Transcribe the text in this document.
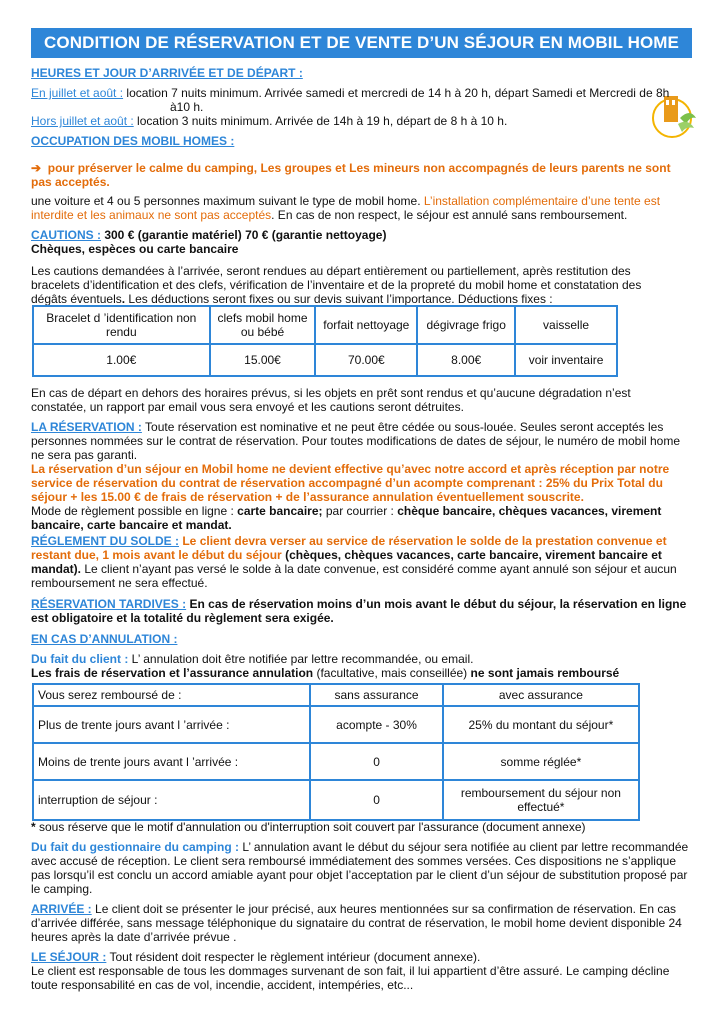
CONDITION DE RÉSERVATION ET DE VENTE D’UN SÉJOUR EN MOBIL HOME

HEURES ET JOUR D’ARRIVÉE ET DE DÉPART :

En juillet et août : location 7 nuits minimum. Arrivée samedi et mercredi de 14 h à 20 h, départ Samedi et Mercredi de 8h

à10 h.

Hors juillet et août : location 3 nuits minimum. Arrivée de 14h à 19 h, départ de 8 h à 10 h.

OCCUPATION DES MOBIL HOMES :

➔ pour préserver le calme du camping, Les groupes et Les mineurs non accompagnés de leurs parents ne sont pas acceptés.

une voiture et 4 ou 5 personnes maximum suivant le type de mobil home. L’installation complémentaire d’une tente est interdite et les animaux ne sont pas acceptés. En cas de non respect, le séjour est annulé sans remboursement.

CAUTIONS : 300 € (garantie matériel) 70 € (garantie nettoyage)

Chèques, espèces ou carte bancaire

Les cautions demandées à l’arrivée, seront rendues au départ entièrement ou partiellement, après restitution des bracelets d’identification et des clefs, vérification de l’inventaire et de la propreté du mobil home et constatation des dégâts éventuels. Les déductions seront fixes ou sur devis suivant l’importance. Déductions fixes :

Bracelet d ’identification non rendu	clefs mobil home ou bébé	forfait nettoyage	dégivrage frigo	vaisselle
1.00€	15.00€	70.00€	8.00€	voir inventaire

En cas de départ en dehors des horaires prévus, si les objets en prêt sont rendus et qu’aucune dégradation n’est constatée, un rapport par email vous sera envoyé et les cautions seront détruites.

LA RÉSERVATION : Toute réservation est nominative et ne peut être cédée ou sous-louée. Seules seront acceptés les personnes nommées sur le contrat de réservation. Pour toutes modifications de dates de séjour, le numéro de mobil home ne sera pas garanti.

La réservation d’un séjour en Mobil home ne devient effective qu’avec notre accord et après réception par notre service de réservation du contrat de réservation accompagné d’un acompte comprenant : 25% du Prix Total du séjour + les 15.00 € de frais de réservation + de l’assurance annulation éventuellement souscrite.

Mode de règlement possible en ligne : carte bancaire; par courrier : chèque bancaire, chèques vacances, virement bancaire, carte bancaire et mandat.

RÉGLEMENT DU SOLDE : Le client devra verser au service de réservation le solde de la prestation convenue et restant due, 1 mois avant le début du séjour (chèques, chèques vacances, carte bancaire, virement bancaire et mandat). Le client n’ayant pas versé le solde à la date convenue, est considéré comme ayant annulé son séjour et aucun remboursement ne sera effectué.

RÉSERVATION TARDIVES : En cas de réservation moins d’un mois avant le début du séjour, la réservation en ligne est obligatoire et la totalité du règlement sera exigée.

EN CAS D’ANNULATION :

Du fait du client : L’ annulation doit être notifiée par lettre recommandée, ou email.

Les frais de réservation et l’assurance annulation (facultative, mais conseillée) ne sont jamais remboursé

Vous serez remboursé de :	sans assurance	avec assurance
Plus de trente jours avant l ’arrivée :	acompte - 30%	25% du montant du séjour*
Moins de trente jours avant l ’arrivée :	0	somme réglée*
interruption de séjour :	0	remboursement du séjour non effectué*

* sous réserve que le motif d'annulation ou d'interruption soit couvert par l'assurance (document annexe)

Du fait du gestionnaire du camping : L’ annulation avant le début du séjour sera notifiée au client par lettre recommandée avec accusé de réception. Le client sera remboursé immédiatement des sommes versées. Ces dispositions ne s’applique pas lorsqu’il est conclu un accord amiable ayant pour objet l’acceptation par le client d’un séjour de substitution proposé par le camping.

ARRIVÉE : Le client doit se présenter le jour précisé, aux heures mentionnées sur sa confirmation de réservation. En cas d’arrivée différée, sans message téléphonique du signataire du contrat de réservation, le mobil home devient disponible 24 heures après la date d’arrivée prévue .

LE SÉJOUR : Tout résident doit respecter le règlement intérieur (document annexe).

Le client est responsable de tous les dommages survenant de son fait, il lui appartient d’être assuré. Le camping décline toute responsabilité en cas de vol, incendie, accident, intempéries, etc...
